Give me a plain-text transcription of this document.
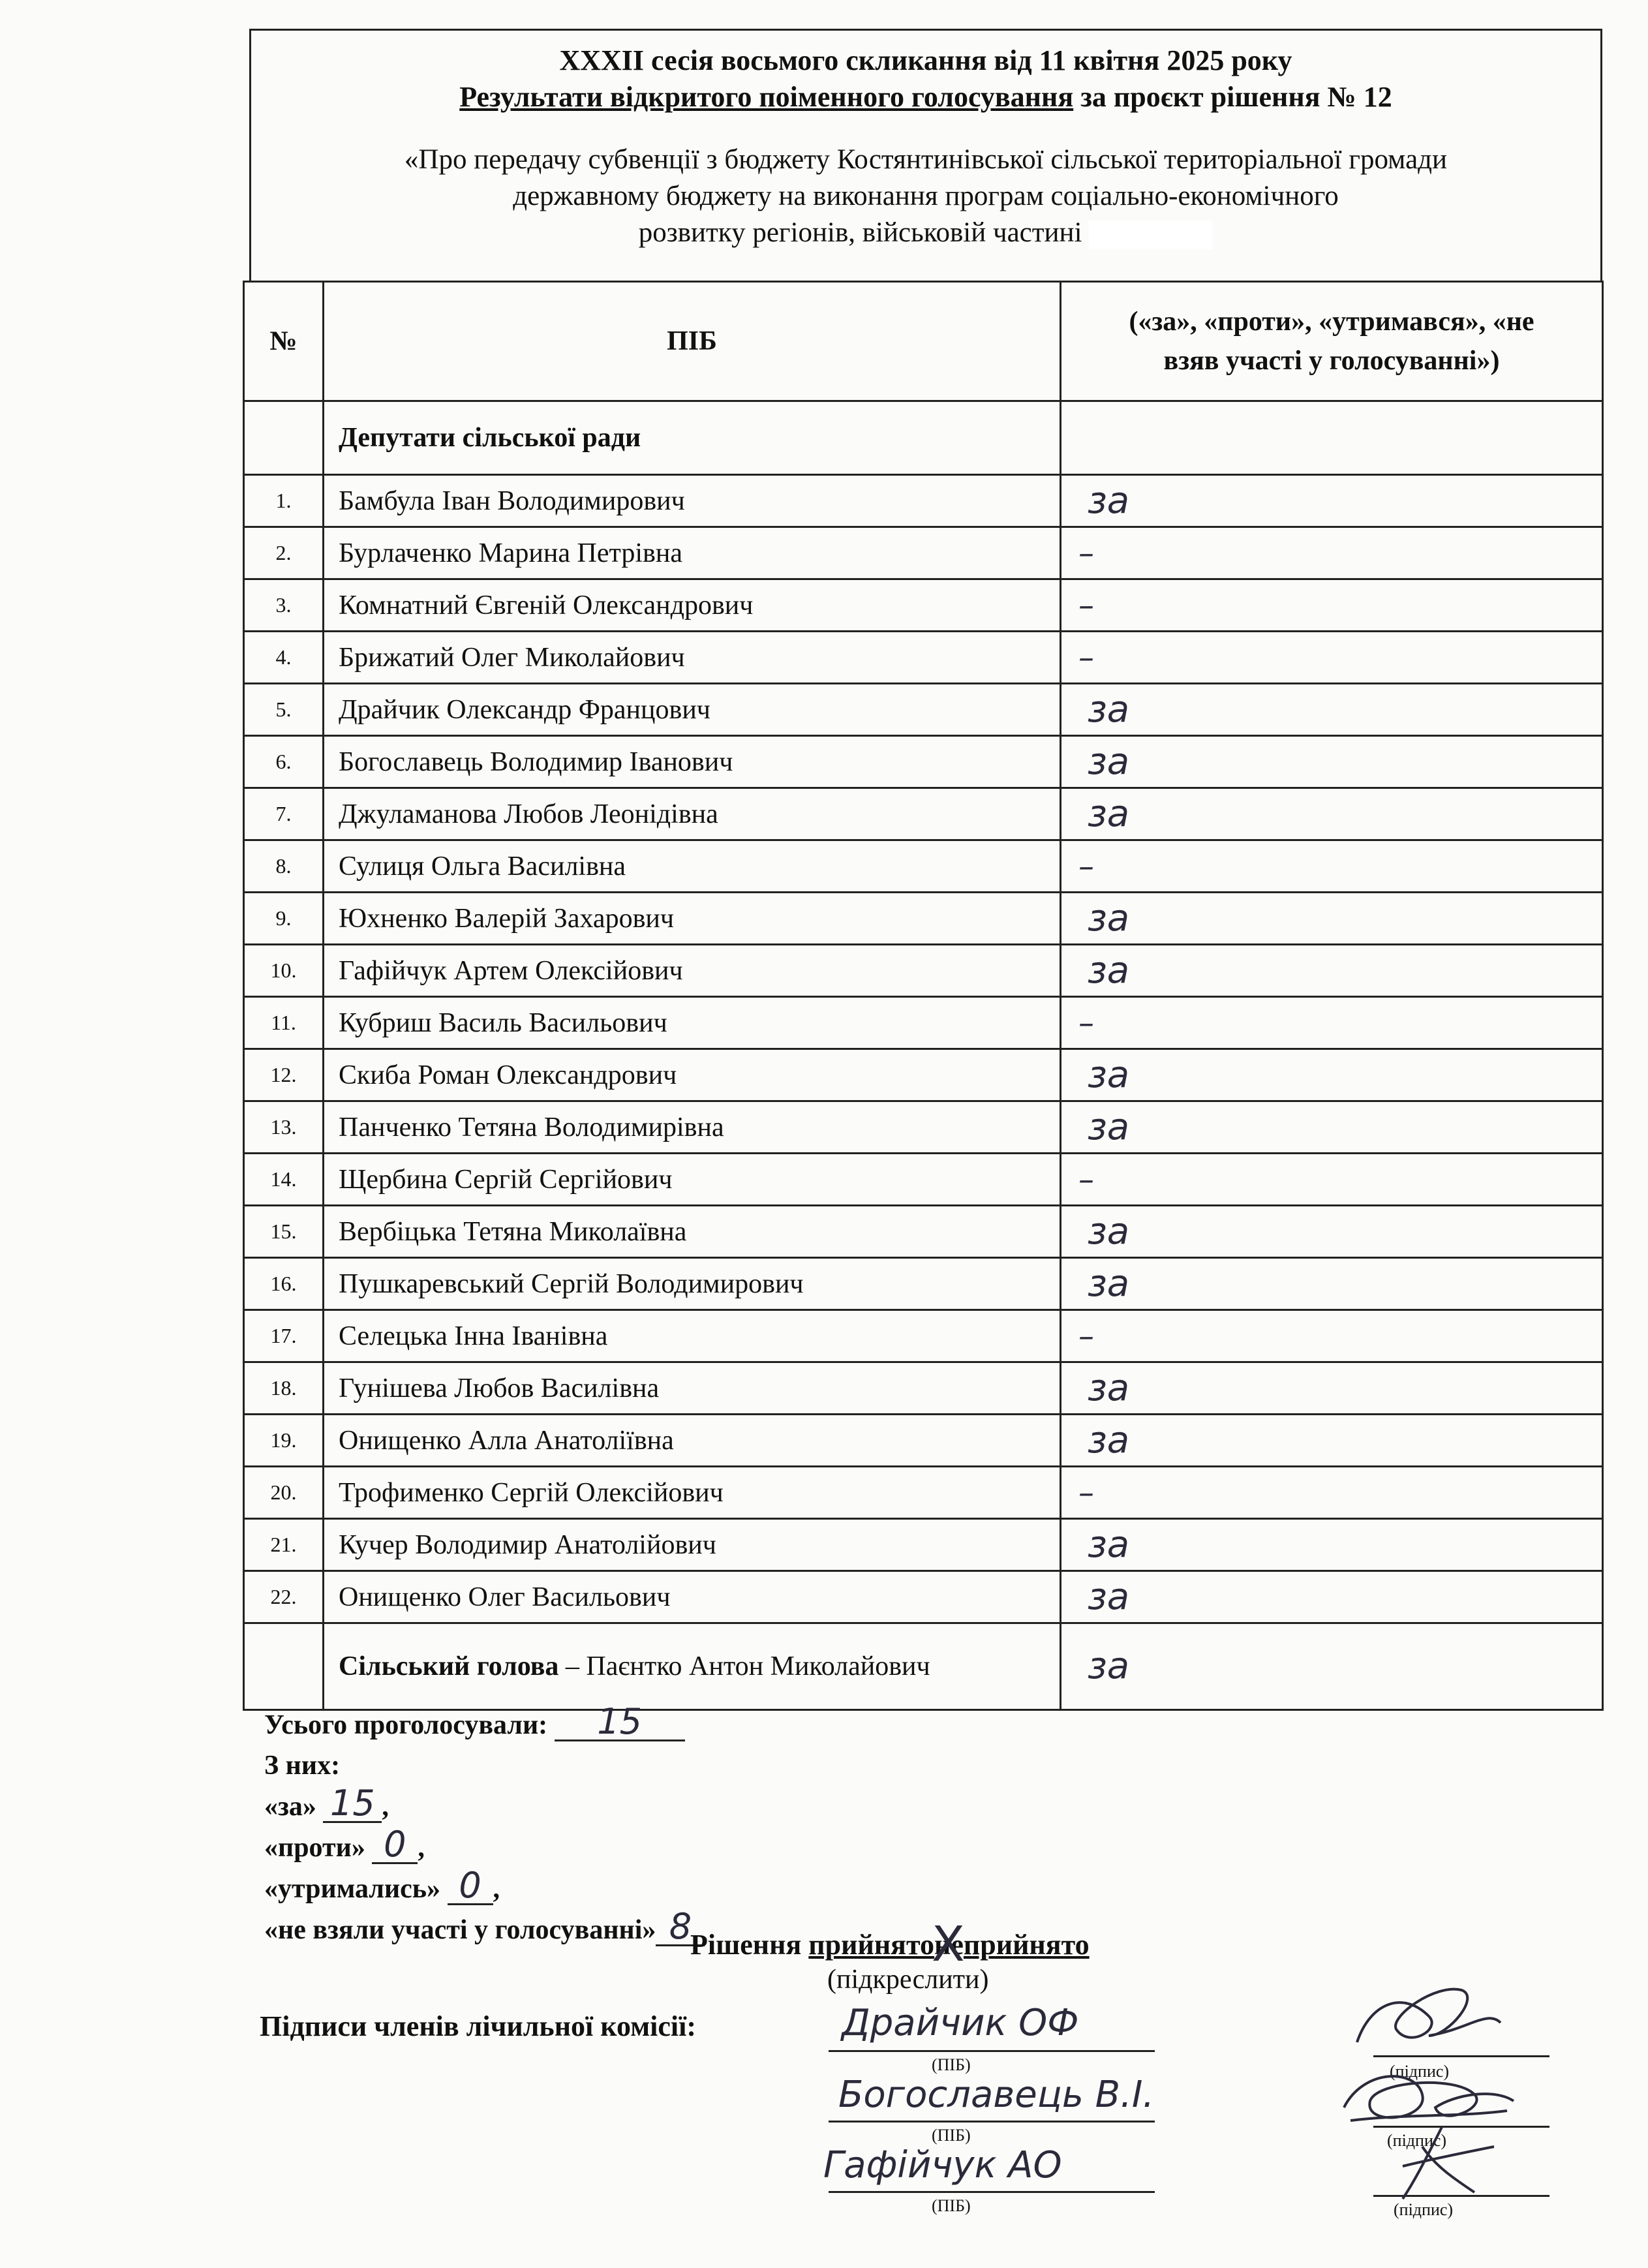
XXXII сесія восьмого скликання від 11 квітня 2025 року
Результати відкритого поіменного голосування за проєкт рішення № 12
«Про передачу субвенції з бюджету Костянтинівської сільської територіальної громади
державному бюджету на виконання програм соціально-економічного
розвитку регіонів, військовій частині
№	ПІБ	(«за», «проти», «утримався», «не
взяв участі у голосуванні»)

	Депутати сільської ради	
1.	Бамбула Іван Володимирович	за
2.	Бурлаченко Марина Петрівна	–
3.	Комнатний Євгеній Олександрович	–
4.	Брижатий Олег Миколайович	–
5.	Драйчик Олександр Францович	за
6.	Богославець Володимир Іванович	за
7.	Джуламанова Любов Леонідівна	за
8.	Сулиця Ольга Василівна	–
9.	Юхненко Валерій Захарович	за
10.	Гафійчук Артем Олексійович	за
11.	Кубриш Василь Васильович	–
12.	Скиба Роман Олександрович	за
13.	Панченко Тетяна Володимирівна	за
14.	Щербина Сергій Сергійович	–
15.	Вербіцька Тетяна Миколаївна	за
16.	Пушкаревський Сергій Володимирович	за
17.	Селецька Інна Іванівна	–
18.	Гунішева Любов Василівна	за
19.	Онищенко Алла Анатоліївна	за
20.	Трофименко Сергій Олексійович	–
21.	Кучер Володимир Анатолійович	за
22.	Онищенко Олег Васильович	за
	Сільський голова – Паєнтко Антон Миколайович	за
Усього проголосували: 15
З них:
«за» 15 ,
«проти» 0 ,
«утримались» 0 ,
«не взяли участі у голосуванні» 8
Рішення прийнятоне Xприйнято
(підкреслити)
Підписи членів лічильної комісії:	Драйчик ОФ
(ПІБ)
Богославець В.І.
(ПІБ)
Гафійчук АО
(ПІБ)
(підпис)
(підпис)
(підпис)
